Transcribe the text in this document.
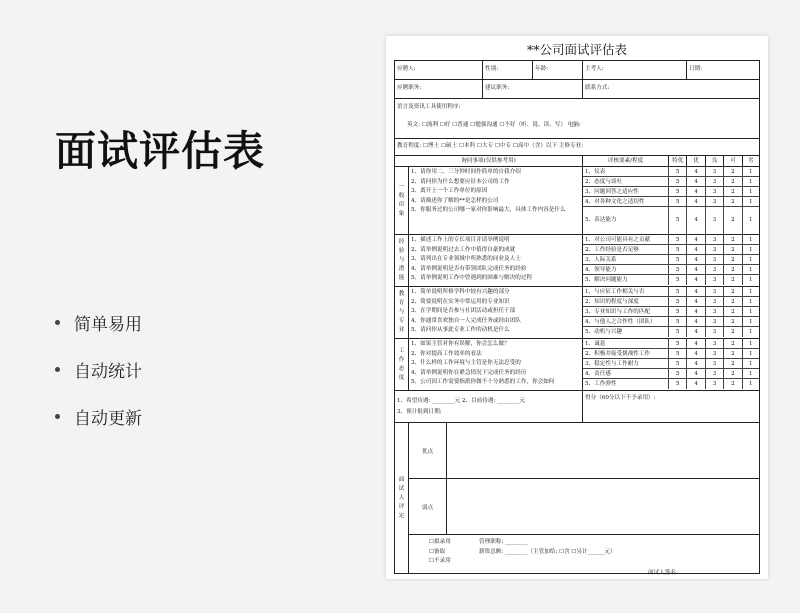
面试评估表
简单易用
自动统计
自动更新
**公司面试评估表
应聘人:	性别:	年龄:	主考人:	日期:
应聘职务:	建议职务:	联系方式:
语言及资讯工具使用程序:
英文: ☐流利 ☐好 ☐普通 ☐勉强沟通 ☐不好（听、说、读、写） 电脑:
教育程度: ☐博士 ☐硕士 ☐本科 ☐大专 ☐中专 ☐高中（含）以下 主修专业:
询问事项(仅供参考用)	评核要素/程度	特优	优	良	可	劣
一般印象
1、请你用二、三分钟时间作简单的自我介绍
2、请问你为什么想要应征本公司的工作
3、离开上一个工作单位的原因
4、请描述你了解的**是怎样的公司
5、你服务过的公司哪一家对你影响最大，具体工作内容是什么
1、仪表	5	4	3	2	1
2、态度与谈吐	5	4	3	2	1
3、问题回答之适应性	5	4	3	2	1
4、对各种文化之适切性	5	4	3	2	1
5、表达能力	5	4	3	2	1
经验与潜能
1、描述工作上的专长项目并请举例说明
2、请举例说明过去工作中值得自豪的成就
3、请列出在专业领域中所熟悉的同业及人士
4、请举例说明是否有带领团队完成任务的经验
5、请举例说明工作中曾遇到的困难与解决的过程
1、对公司可能具有之贡献	5	4	3	2	1
2、工作经验是否足够	5	4	3	2	1
3、人际关系	5	4	3	2	1
4、领导能力	5	4	3	2	1
5、解决问题能力	5	4	3	2	1
教育与专业
1、简单说明所修学科中较有兴趣的部分
2、简要说明在实务中常运用的专业知识
3、在学期间是否参与社团活动或担任干部
4、你通常喜欢独自一人完成任务或经由团队
5、请问你从事此专业工作的动机是什么
1、与应征工作相关与否	5	4	3	2	1
2、知识的程度与深度	5	4	3	2	1
3、专业知识与工作的匹配	5	4	3	2	1
4、与他人之合作性（团队）	5	4	3	2	1
5、动机与兴趣	5	4	3	2	1
工作态度
1、如果主管对你有误解，你会怎么做？
2、你对提高工作效率的看法
3、什么样的工作环境与主管是你无法忍受的
4、请举例说明你在紧急情况下完成任务的经历
5、公司因工作需要指派你做不十分熟悉的工作，你会如何
1、诚恳	5	4	3	2	1
2、积极并接受挑战性工作	5	4	3	2	1
3、稳定性与工作耐力	5	4	3	2	1
4、责任感	5	4	3	2	1
5、工作弹性	5	4	3	2	1
1、希望待遇: ________元 2、目前待遇: ________元
3、预计报到日期:
得分（60分以下不予录用）:
面试人评定
优点
弱点
☐拟录用
☐备取
☐不录用
管理职称: ________
薪资总额: ________（主管加给: ☐含 ☐另计______元）
面试人签名:
